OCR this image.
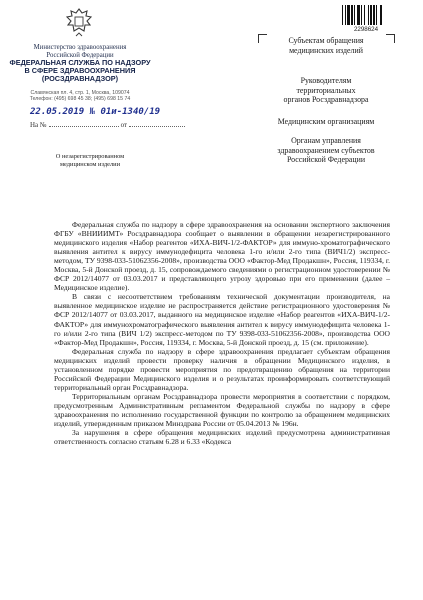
Министерство здравоохранения
Российской Федерации
ФЕДЕРАЛЬНАЯ СЛУЖБА ПО НАДЗОРУ
В СФЕРЕ ЗДРАВООХРАНЕНИЯ
(РОСЗДРАВНАДЗОР)
Славянская пл. 4, стр. 1, Москва, 109074
Телефон: (495) 698 45 38; (495) 698 15 74
22.05.2019 № 01и-1340/19
На №	от
О незарегистрированном
медицинском изделии
2298624
Субъектам обращения
медицинских изделий
Руководителям
территориальных
органов Росздравнадзора
Медицинским организациям
Органам управления
здравоохранением субъектов
Российской Федерации

Федеральная служба по надзору в сфере здравоохранения на основании экспертного заключения ФГБУ «ВНИИИМТ» Росздравнадзора сообщает о выявлении в обращении незарегистрированного медицинского изделия «Набор реагентов «ИХА-ВИЧ-1/2-ФАКТОР» для иммуно-хроматографического выявления антител к вирусу иммунодефицита человека 1-го и/или 2-го типа (ВИЧ1/2) экспресс-методом, ТУ 9398-033-51062356-2008», производства ООО «Фактор-Мед Продакшн», Россия, 119334, г. Москва, 5-й Донской проезд, д. 15, сопровождаемого сведениями о регистрационном удостоверении № ФСР 2012/14077 от 03.03.2017 и представляющего угрозу здоровью при его применении (далее – Медицинское изделие).

В связи с несоответствием требованиям технической документации производителя, на выявленное медицинское изделие не распространяется действие регистрационного удостоверения № ФСР 2012/14077 от 03.03.2017, выданного на медицинское изделие «Набор реагентов «ИХА-ВИЧ-1/2-ФАКТОР» для иммунохроматографического выявления антител к вирусу иммунодефицита человека 1-го и/или 2-го типа (ВИЧ 1/2) экспресс-методом по ТУ 9398-033-51062356-2008», производства ООО «Фактор-Мед Продакшн», Россия, 119334, г. Москва, 5-й Донской проезд, д. 15 (см. приложение).

Федеральная служба по надзору в сфере здравоохранения предлагает субъектам обращения медицинских изделий провести проверку наличия в обращении Медицинского изделия, в установленном порядке провести мероприятия по предотвращению обращения на территории Российской Федерации Медицинского изделия и о результатах проинформировать соответствующий территориальный орган Росздравнадзора.

Территориальным органам Росздравнадзора провести мероприятия в соответствии с порядком, предусмотренным Административным регламентом Федеральной службы по надзору в сфере здравоохранения по исполнению государственной функции по контролю за обращением медицинских изделий, утвержденным приказом Минздрава России от 05.04.2013 № 196н.

За нарушения в сфере обращения медицинских изделий предусмотрена административная ответственность согласно статьям 6.28 и 6.33 «Кодекса
